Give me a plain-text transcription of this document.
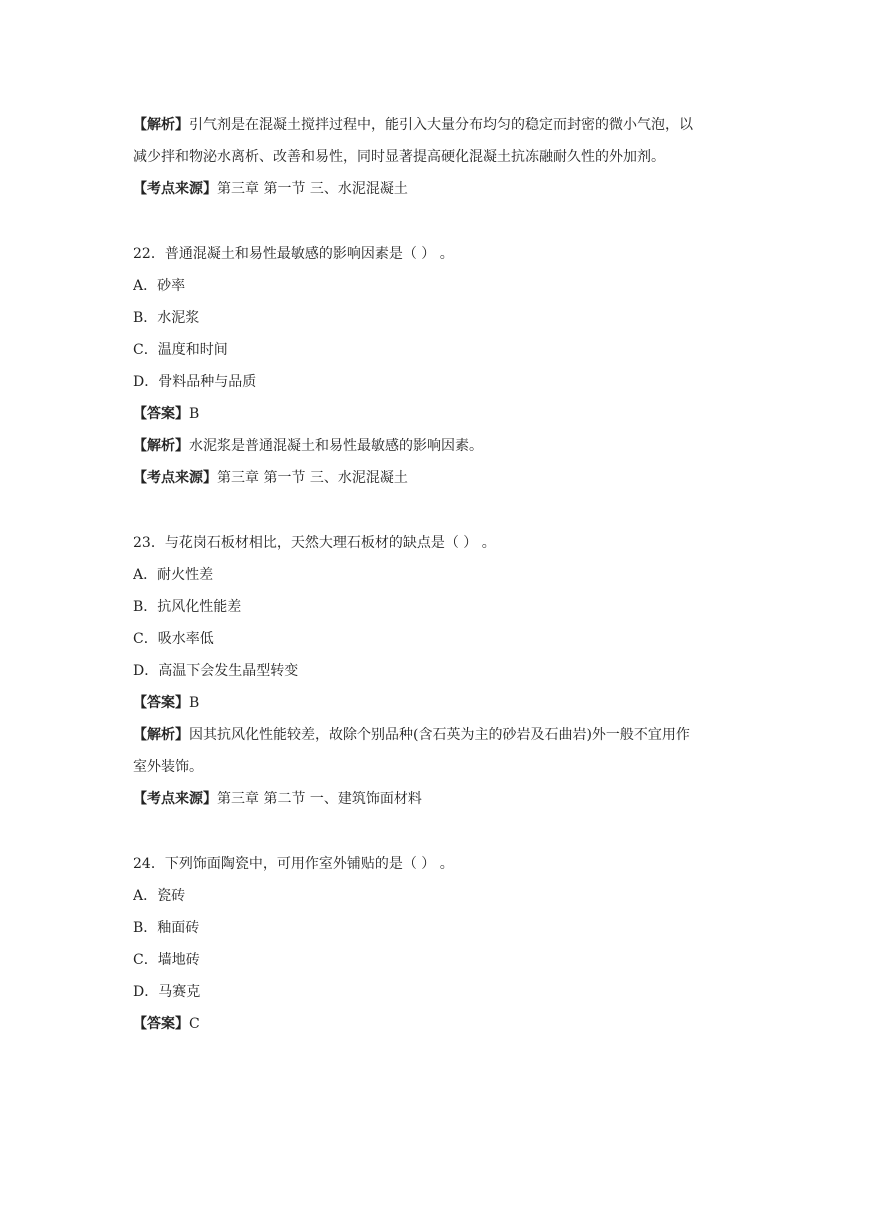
【解析】引气剂是在混凝土搅拌过程中，能引入大量分布均匀的稳定而封密的微小气泡，以
减少拌和物泌水离析、改善和易性，同时显著提高硬化混凝土抗冻融耐久性的外加剂。
【考点来源】第三章 第一节 三、水泥混凝土
22．普通混凝土和易性最敏感的影响因素是（ ） 。
A．砂率
B．水泥浆
C．温度和时间
D．骨料品种与品质
【答案】B
【解析】水泥浆是普通混凝土和易性最敏感的影响因素。
【考点来源】第三章 第一节 三、水泥混凝土
23．与花岗石板材相比，天然大理石板材的缺点是（ ） 。
A．耐火性差
B．抗风化性能差
C．吸水率低
D．高温下会发生晶型转变
【答案】B
【解析】因其抗风化性能较差，故除个别品种(含石英为主的砂岩及石曲岩)外一般不宜用作
室外装饰。
【考点来源】第三章 第二节 一、建筑饰面材料
24．下列饰面陶瓷中，可用作室外铺贴的是（ ） 。
A．瓷砖
B．釉面砖
C．墙地砖
D．马赛克
【答案】C
